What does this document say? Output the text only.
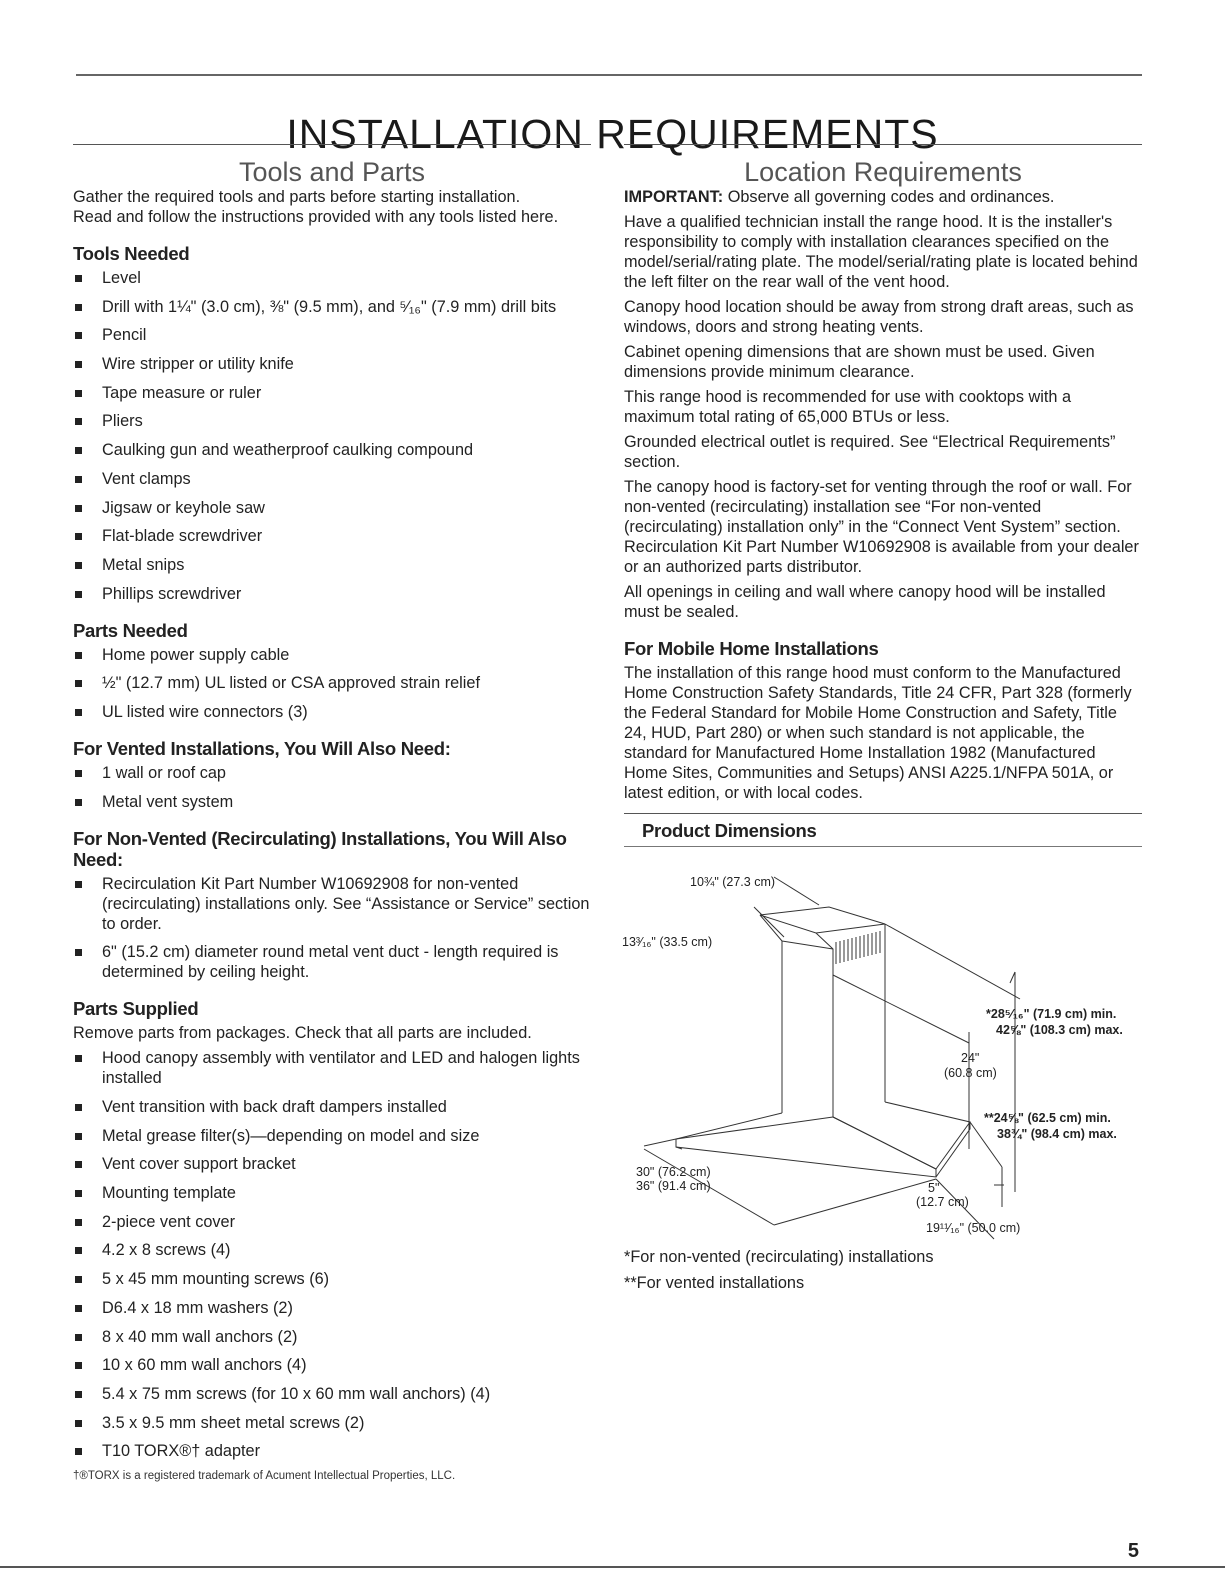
INSTALLATION REQUIREMENTS
Tools and Parts

Gather the required tools and parts before starting installation.

Read and follow the instructions provided with any tools listed here.

Tools Needed
Level
Drill with 1¼" (3.0 cm), ⅜" (9.5 mm), and ⁵⁄₁₆" (7.9 mm) drill bits
Pencil
Wire stripper or utility knife
Tape measure or ruler
Pliers
Caulking gun and weatherproof caulking compound
Vent clamps
Jigsaw or keyhole saw
Flat-blade screwdriver
Metal snips
Phillips screwdriver
Parts Needed
Home power supply cable
½" (12.7 mm) UL listed or CSA approved strain relief
UL listed wire connectors (3)
For Vented Installations, You Will Also Need:
1 wall or roof cap
Metal vent system
For Non-Vented (Recirculating) Installations, You Will Also Need:
Recirculation Kit Part Number W10692908 for non-vented (recirculating) installations only. See “Assistance or Service” section to order.
6" (15.2 cm) diameter round metal vent duct - length required is determined by ceiling height.
Parts Supplied

Remove parts from packages. Check that all parts are included.

Hood canopy assembly with ventilator and LED and halogen lights installed
Vent transition with back draft dampers installed
Metal grease filter(s)—depending on model and size
Vent cover support bracket
Mounting template
2-piece vent cover
4.2 x 8 screws (4)
5 x 45 mm mounting screws (6)
D6.4 x 18 mm washers (2)
8 x 40 mm wall anchors (2)
10 x 60 mm wall anchors (4)
5.4 x 75 mm screws (for 10 x 60 mm wall anchors) (4)
3.5 x 9.5 mm sheet metal screws (2)
T10 TORX®† adapter
†®TORX is a registered trademark of Acument Intellectual Properties, LLC.
Location Requirements

IMPORTANT: Observe all governing codes and ordinances.

Have a qualified technician install the range hood. It is the installer's responsibility to comply with installation clearances specified on the model/serial/rating plate. The model/serial/rating plate is located behind the left filter on the rear wall of the vent hood.

Canopy hood location should be away from strong draft areas, such as windows, doors and strong heating vents.

Cabinet opening dimensions that are shown must be used. Given dimensions provide minimum clearance.

This range hood is recommended for use with cooktops with a maximum total rating of 65,000 BTUs or less.

Grounded electrical outlet is required. See “Electrical Requirements” section.

The canopy hood is factory-set for venting through the roof or wall. For non-vented (recirculating) installation see “For non-vented (recirculating) installation only” in the “Connect Vent System” section. Recirculation Kit Part Number W10692908 is available from your dealer or an authorized parts distributor.

All openings in ceiling and wall where canopy hood will be installed must be sealed.

For Mobile Home Installations

The installation of this range hood must conform to the Manufactured Home Construction Safety Standards, Title 24 CFR, Part 328 (formerly the Federal Standard for Mobile Home Construction and Safety, Title 24, HUD, Part 280) or when such standard is not applicable, the standard for Manufactured Home Installation 1982 (Manufactured Home Sites, Communities and Setups) ANSI A225.1/NFPA 501A, or latest edition, or with local codes.

Product Dimensions
10¾" (27.3 cm)
13³⁄₁₆" (33.5 cm)
*28⁵⁄₁₆" (71.9 cm) min.
42⅝" (108.3 cm) max.
24"
(60.8 cm)
**24⅝" (62.5 cm) min.
38¾" (98.4 cm) max.
30" (76.2 cm)
36" (91.4 cm)	5"
(12.7 cm)
19¹¹⁄₁₆" (50.0 cm)

*For non-vented (recirculating) installations

**For vented installations

5
